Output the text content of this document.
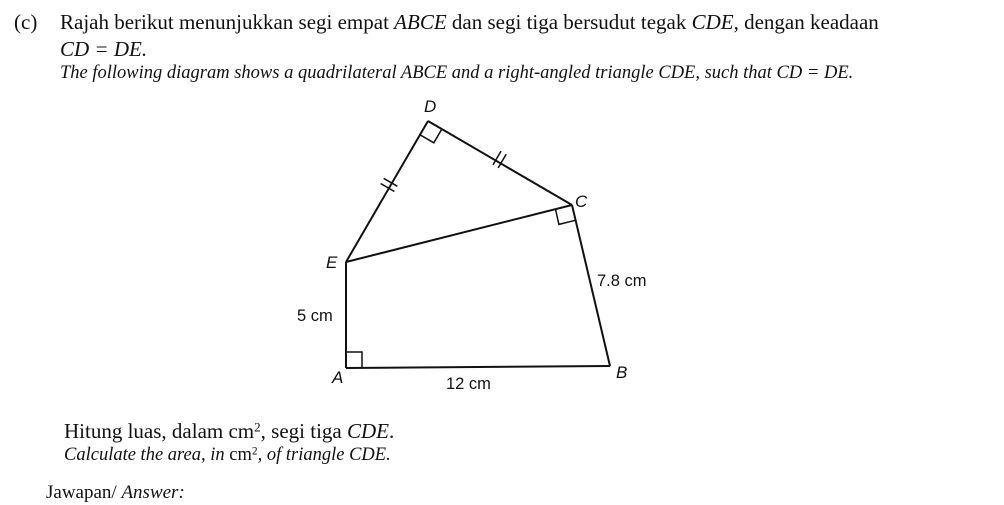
(c) Rajah berikut menunjukkan segi empat ABCE dan segi tiga bersudut tegak CDE, dengan keadaan

CD = DE.

The following diagram shows a quadrilateral ABCE and a right-angled triangle CDE, such that CD = DE.

D
C
E
A	B
7.8 cm
5 cm
12 cm

Hitung luas, dalam $cm^2$, segi tiga CDE.

Calculate the area, in $cm^2$, of triangle CDE.

Jawapan/ Answer:
